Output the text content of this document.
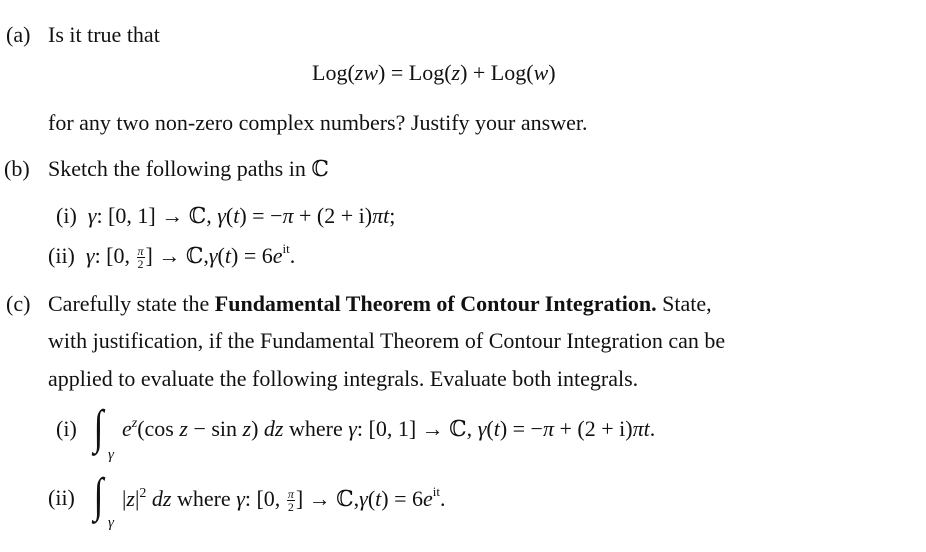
(a) Is it true that
Log(zw) = Log(z) + Log(w)
for any two non-zero complex numbers? Justify your answer.
(b) Sketch the following paths in ℂ
(i) γ: [0, 1] → ℂ, γ(t) = −π + (2 + i)πt;
(ii) γ: [0, $\frac{\pi}{2}$ ] → ℂ,γ(t) = $6e^{it}$.
(c) Carefully state the Fundamental Theorem of Contour Integration. State,
with justification, if the Fundamental Theorem of Contour Integration can be
applied to evaluate the following integrals. Evaluate both integrals.
(i) ∫
γ
$e^z(\cos$ z − sin z) dz where γ: [0, 1] → ℂ, γ(t) = −π + (2 + i)πt.
(ii) ∫
γ
$|z|^2$ dz where γ: [0, $\frac{\pi}{2}$ ] → ℂ,γ(t) = $6e^{it}$.
